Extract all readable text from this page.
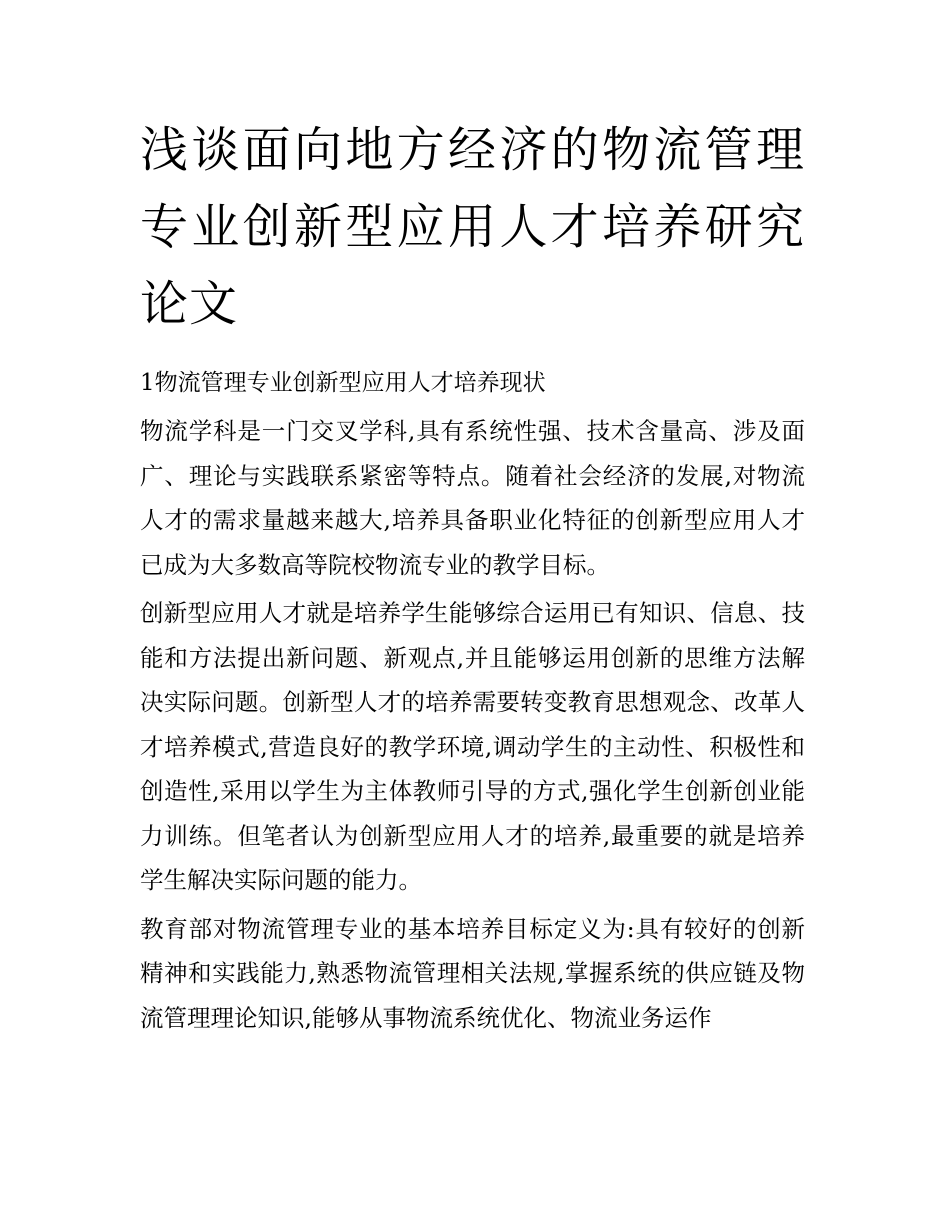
浅谈面向地方经济的物流管理专业创新型应用人才培养研究论文
1物流管理专业创新型应用人才培养现状

物流学科是一门交叉学科,具有系统性强、技术含量高、涉及面广、理论与实践联系紧密等特点。随着社会经济的发展,对物流人才的需求量越来越大,培养具备职业化特征的创新型应用人才已成为大多数高等院校物流专业的教学目标。

创新型应用人才就是培养学生能够综合运用已有知识、信息、技能和方法提出新问题、新观点,并且能够运用创新的思维方法解决实际问题。创新型人才的培养需要转变教育思想观念、改革人才培养模式,营造良好的教学环境,调动学生的主动性、积极性和创造性,采用以学生为主体教师引导的方式,强化学生创新创业能力训练。但笔者认为创新型应用人才的培养,最重要的就是培养学生解决实际问题的能力。

教育部对物流管理专业的基本培养目标定义为:具有较好的创新精神和实践能力,熟悉物流管理相关法规,掌握系统的供应链及物流管理理论知识,能够从事物流系统优化、物流业务运作
